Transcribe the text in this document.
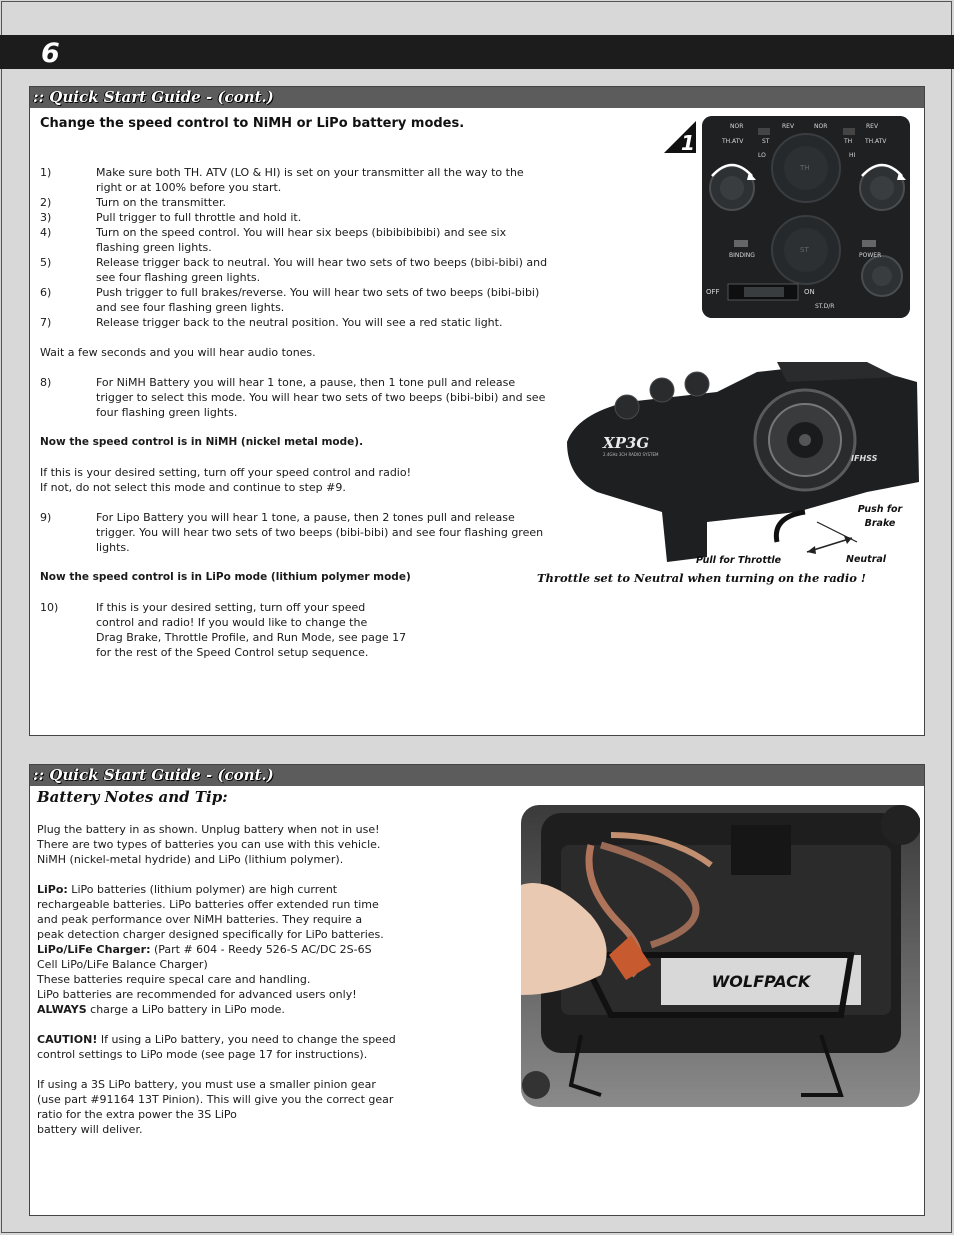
6
:: Quick Start Guide - (cont.)
Change the speed control to NiMH or LiPo battery modes.
1)	Make sure both TH. ATV (LO & HI) is set on your transmitter all the way to the right or at 100% before you start.
2)	Turn on the transmitter.
3)	Pull trigger to full throttle and hold it.
4)	Turn on the speed control. You will hear six beeps (bibibibibibi) and see six flashing green lights.
5)	Release trigger back to neutral. You will hear two sets of two beeps (bibi-bibi) and see four flashing green lights.
6)	Push trigger to full brakes/reverse. You will hear two sets of two beeps (bibi-bibi) and see four flashing green lights.
7)	Release trigger back to the neutral position. You will see a red static light.
Wait a few seconds and you will hear audio tones.
8)	For NiMH Battery you will hear 1 tone, a pause, then 1 tone pull and release trigger to select this mode. You will hear two sets of two beeps (bibi-bibi) and see four flashing green lights.
Now the speed control is in NiMH (nickel metal mode).
If this is your desired setting, turn off your speed control and radio!
If not, do not select this mode and continue to step #9.
9)	For Lipo Battery you will hear 1 tone, a pause, then 2 tones pull and release trigger. You will hear two sets of two beeps (bibi-bibi) and see four flashing green lights.
Now the speed control is in LiPo mode (lithium polymer mode)
10)	If this is your desired setting, turn off your speed
control and radio! If you would like to change the
Drag Brake, Throttle Profile, and Run Mode, see page 17
for the rest of the Speed Control setup sequence.
1
NOR	REV	NOR	REV
TH.ATV	ST	TH TH.ATV
LO	HI
TH
ST
BINDING	POWER
OFF	ON
ST.D/R
XP3G
2.4GHz 3CH RADIO SYSTEM	IFHSS
Push for
Brake
Pull for Throttle	Neutral
Throttle set to Neutral when turning on the radio !
:: Quick Start Guide - (cont.)
Battery Notes and Tip:
Plug the battery in as shown. Unplug battery when not in use!
There are two types of batteries you can use with this vehicle.
NiMH (nickel-metal hydride) and LiPo (lithium polymer).
LiPo: LiPo batteries (lithium polymer) are high current
rechargeable batteries. LiPo batteries offer extended run time
and peak performance over NiMH batteries. They require a
peak detection charger designed specifically for LiPo batteries.
LiPo/LiFe Charger: (Part # 604 - Reedy 526-S AC/DC 2S-6S
Cell LiPo/LiFe Balance Charger)
These batteries require specal care and handling.
LiPo batteries are recommended for advanced users only!
ALWAYS charge a LiPo battery in LiPo mode.
CAUTION! If using a LiPo battery, you need to change the speed
control settings to LiPo mode (see page 17 for instructions).
If using a 3S LiPo battery, you must use a smaller pinion gear
(use part #91164 13T Pinion). This will give you the correct gear
ratio for the extra power the 3S LiPo
battery will deliver.
WOLFPACK
